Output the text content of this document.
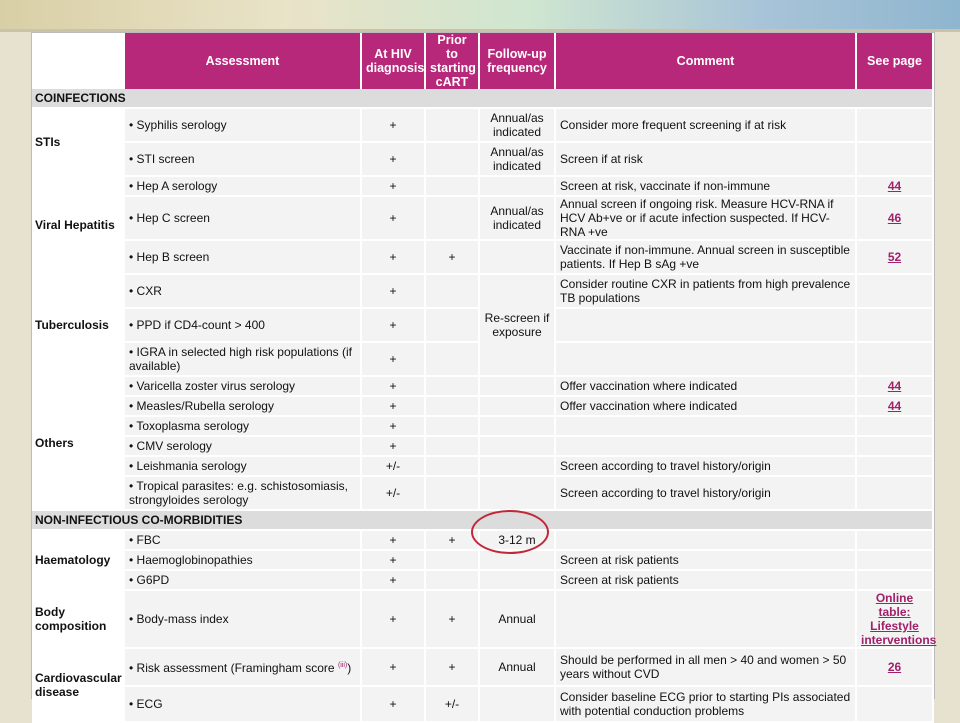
	Assessment	At HIV diagnosis	Prior to starting cART	Follow-up frequency	Comment	See page
COINFECTIONS						
STIs	• Syphilis serology	+		Annual/as indicated	Consider more frequent screening if at risk	
	• STI screen	+		Annual/as indicated	Screen if at risk	
Viral Hepatitis	• Hep A serology	+			Screen at risk, vaccinate if non-immune	44
	• Hep C screen	+		Annual/as indicated	Annual screen if ongoing risk. Measure HCV-RNA if HCV Ab+ve or if acute infection suspected. If HCV-RNA +ve	46
	• Hep B screen	+	+		Vaccinate if non-immune. Annual screen in susceptible patients. If Hep B sAg +ve	52
Tuberculosis	• CXR	+		Re-screen if exposure	Consider routine CXR in patients from high prevalence TB populations	
	• PPD if CD4-count > 400	+				
	• IGRA in selected high risk populations (if available)	+				
Others	• Varicella zoster virus serology	+			Offer vaccination where indicated	44
	• Measles/Rubella serology	+			Offer vaccination where indicated	44
	• Toxoplasma serology	+				
	• CMV serology	+				
	• Leishmania serology	+/-			Screen according to travel history/origin	
	• Tropical parasites: e.g. schistosomiasis, strongyloides serology	+/-			Screen according to travel history/origin	
NON-INFECTIOUS CO-MORBIDITIES						
Haematology	• FBC	+	+	3-12 m		
	• Haemoglobinopathies	+			Screen at risk patients	
	• G6PD	+			Screen at risk patients	
Body composition	• Body-mass index	+	+	Annual		Online table: Lifestyle interventions
Cardiovascular disease	• Risk assessment (Framingham score $^{(iii)}$)	+	+	Annual	Should be performed in all men > 40 and women > 50 years without CVD	26
	• ECG	+	+/-		Consider baseline ECG prior to starting PIs associated with potential conduction problems	
